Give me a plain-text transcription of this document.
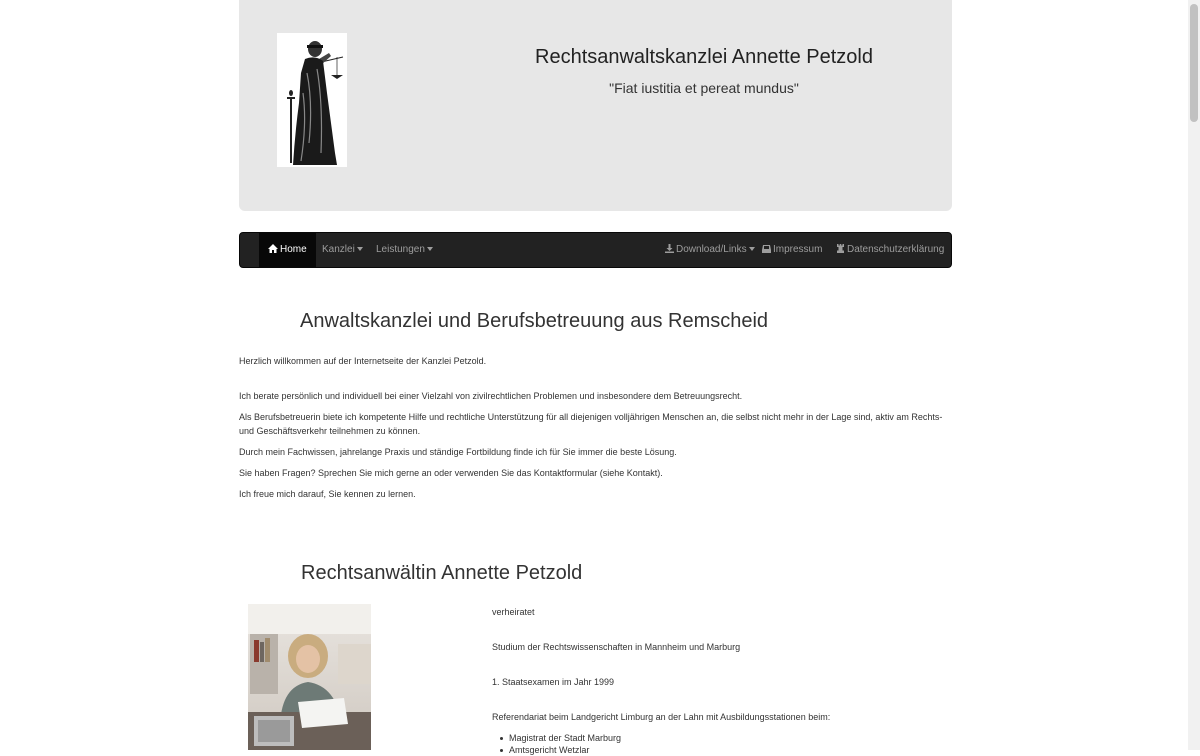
Rechtsanwaltskanzlei Annette Petzold
"Fiat iustitia et pereat mundus"
Home	Kanzlei	Leistungen	Download/Links	Impressum	Datenschutzerklärung
Anwaltskanzlei und Berufsbetreuung aus Remscheid
Herzlich willkommen auf der Internetseite der Kanzlei Petzold.
Ich berate persönlich und individuell bei einer Vielzahl von zivilrechtlichen Problemen und insbesondere dem Betreuungsrecht.
Als Berufsbetreuerin biete ich kompetente Hilfe und rechtliche Unterstützung für all diejenigen volljährigen Menschen an, die selbst nicht mehr in der Lage sind, aktiv am Rechts- und Geschäftsverkehr teilnehmen zu können.
Durch mein Fachwissen, jahrelange Praxis und ständige Fortbildung finde ich für Sie immer die beste Lösung.
Sie haben Fragen? Sprechen Sie mich gerne an oder verwenden Sie das Kontaktformular (siehe Kontakt).
Ich freue mich darauf, Sie kennen zu lernen.
Rechtsanwältin Annette Petzold
verheiratet
Studium der Rechtswissenschaften in Mannheim und Marburg
1. Staatsexamen im Jahr 1999
Referendariat beim Landgericht Limburg an der Lahn mit Ausbildungsstationen beim:
Magistrat der Stadt Marburg
Amtsgericht Wetzlar
